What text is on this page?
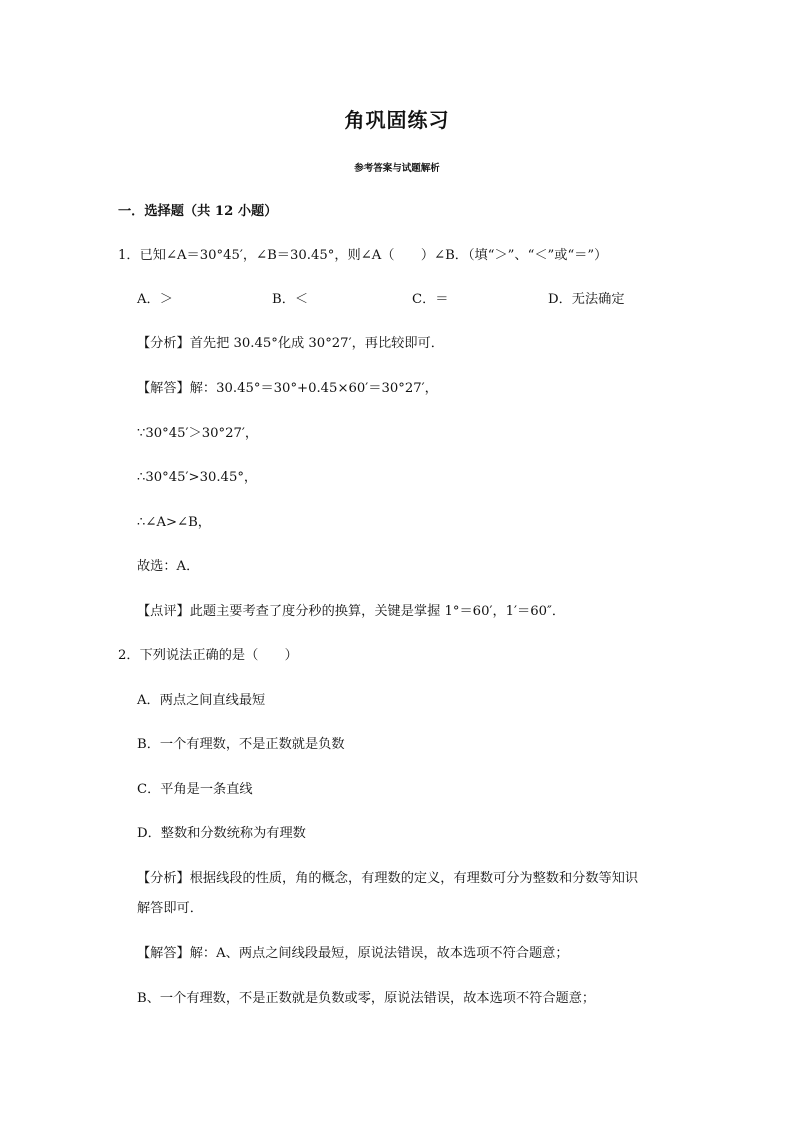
角巩固练习
参考答案与试题解析
一．选择题（共 12 小题）
1．已知∠A＝30°45′，∠B＝30.45°，则∠A（　　）∠B．（填“＞”、“＜”或“＝”）
A．＞	B．＜	C．＝	D．无法确定
【分析】首先把 30.45°化成 30°27′，再比较即可．
【解答】解：30.45°＝30°+0.45×60′＝30°27′，
∵30°45′＞30°27′，
∴30°45′>30.45°，
∴∠A>∠B，
故选：A．
【点评】此题主要考查了度分秒的换算，关键是掌握 1°＝60′，1′＝60″．
2．下列说法正确的是（　　）
A．两点之间直线最短
B．一个有理数，不是正数就是负数
C．平角是一条直线
D．整数和分数统称为有理数
【分析】根据线段的性质，角的概念，有理数的定义，有理数可分为整数和分数等知识
解答即可．
【解答】解：A、两点之间线段最短，原说法错误，故本选项不符合题意；
B、一个有理数，不是正数就是负数或零，原说法错误，故本选项不符合题意；
